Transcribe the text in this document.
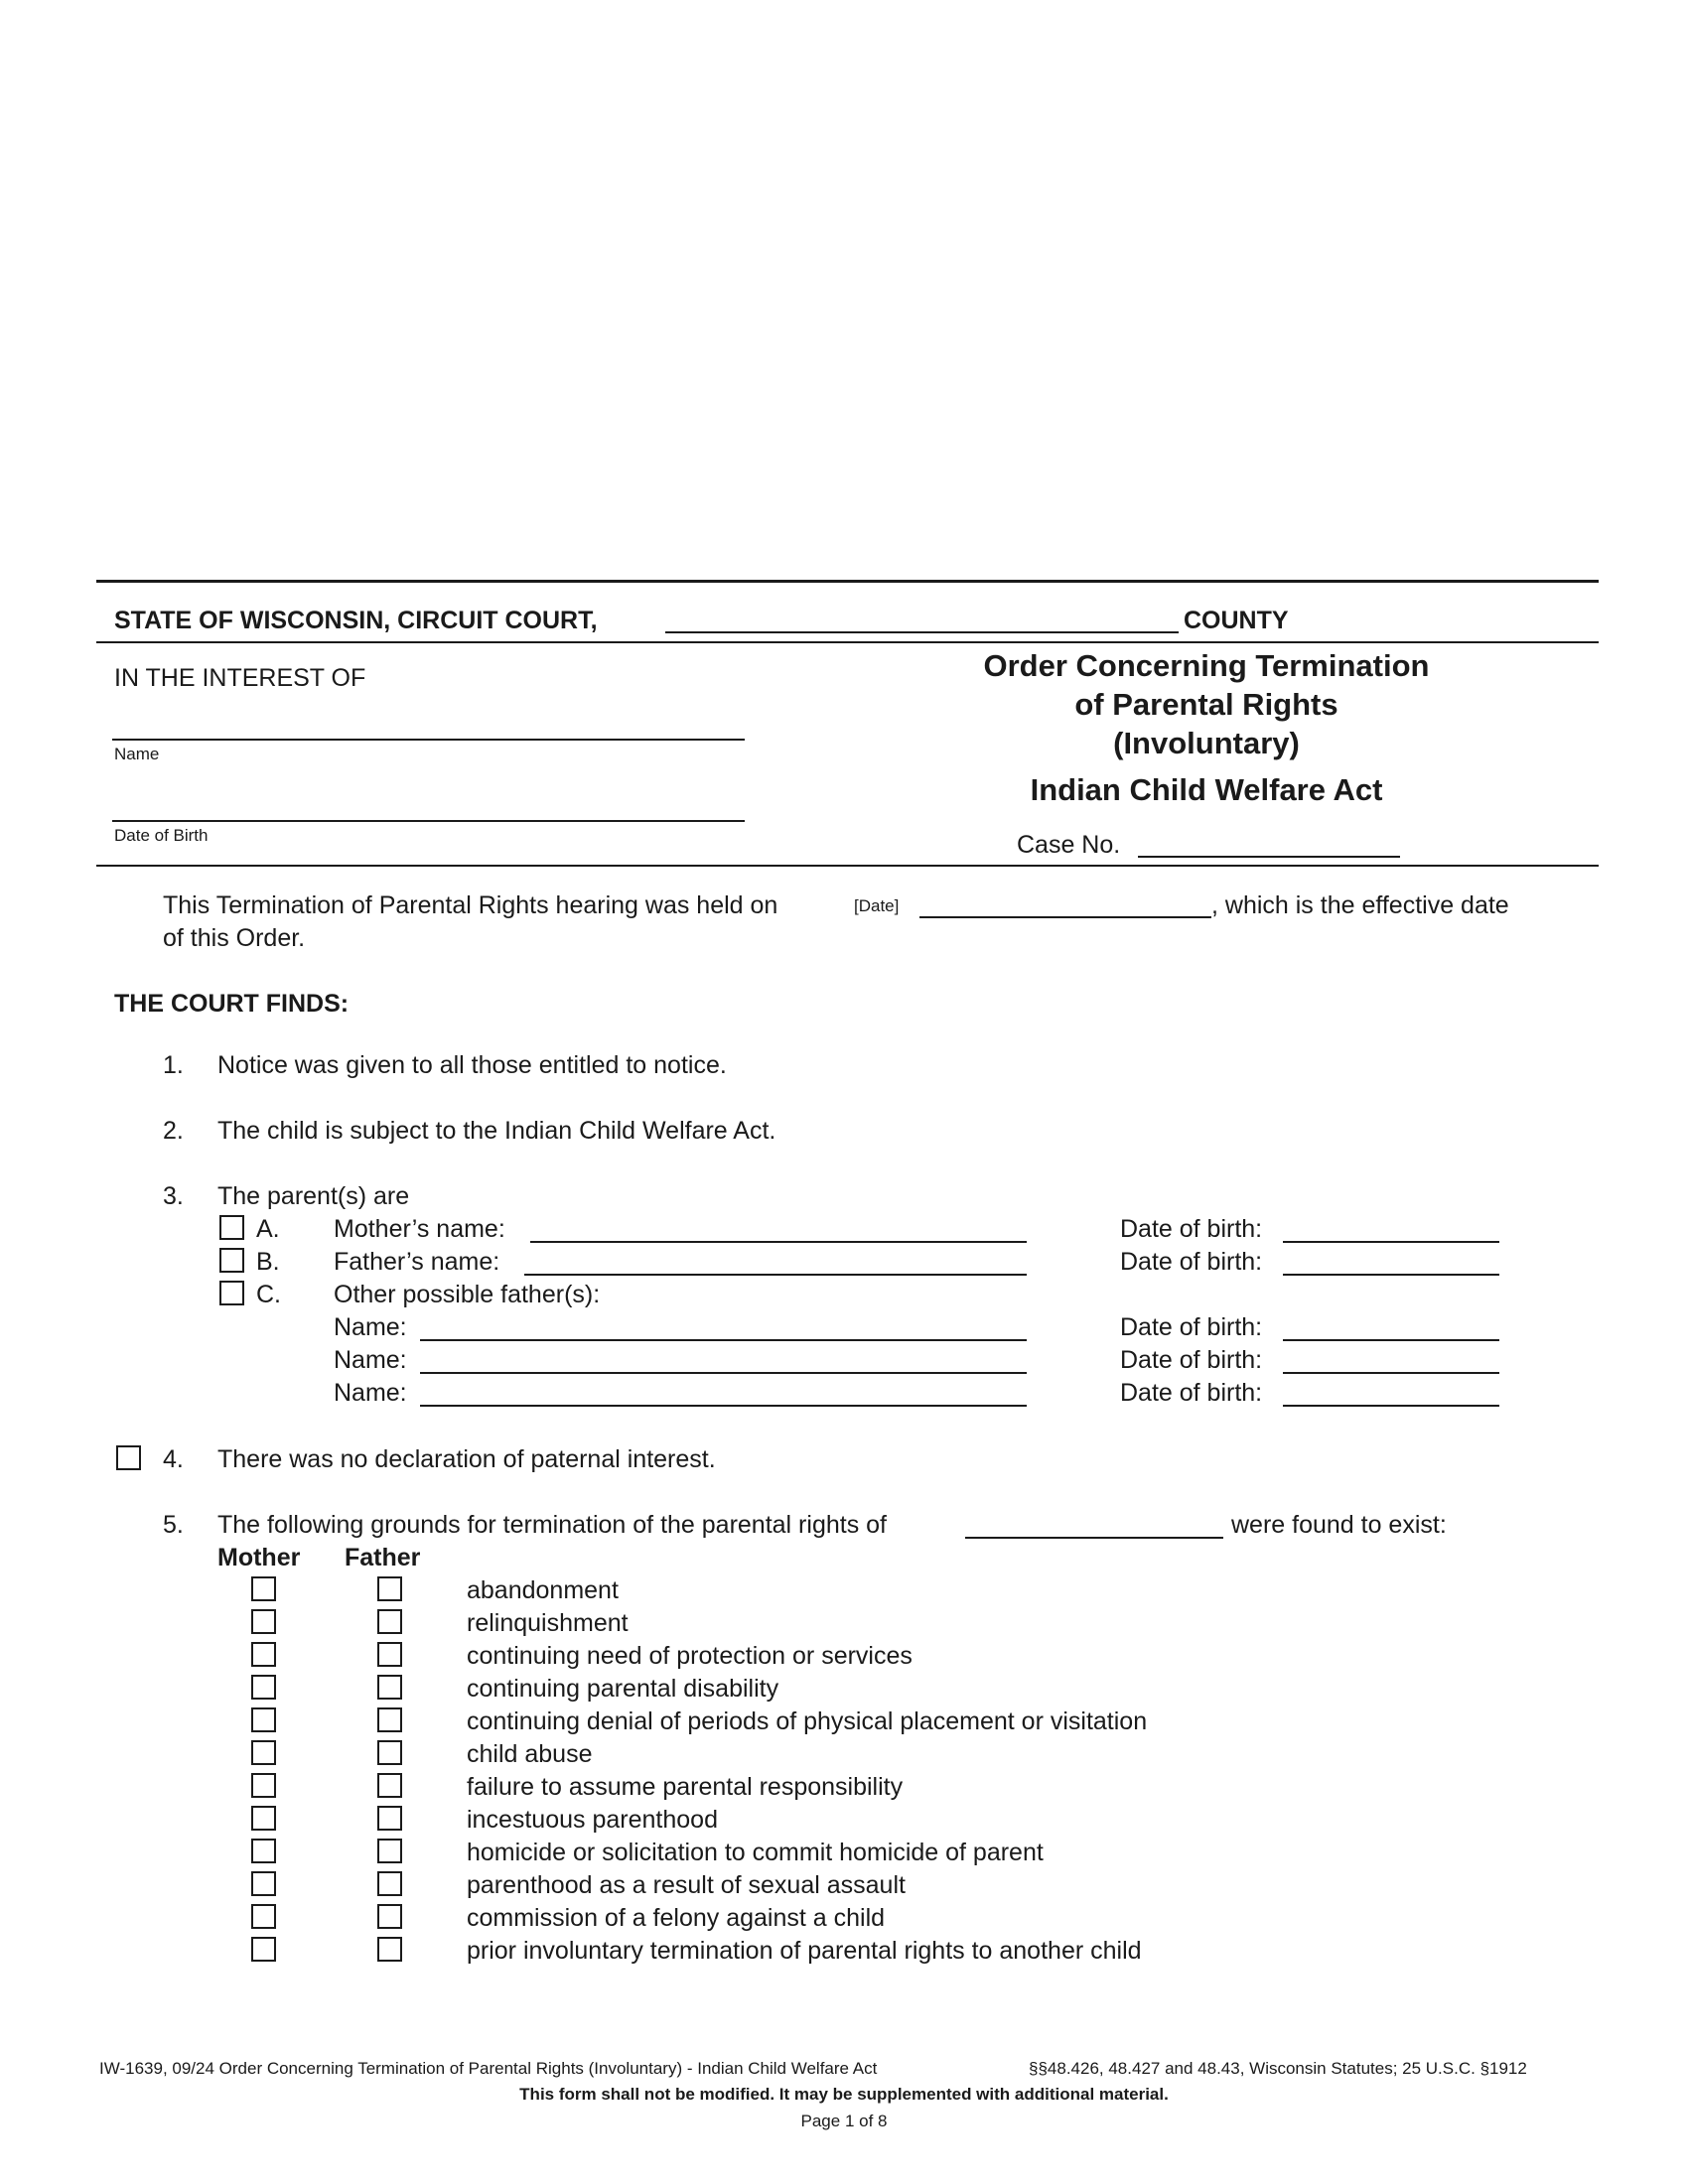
STATE OF WISCONSIN, CIRCUIT COURT,	COUNTY
IN THE INTEREST OF
Name
Date of Birth
Order Concerning Termination
of Parental Rights
(Involuntary)
Indian Child Welfare Act
Case No.
This Termination of Parental Rights hearing was held on	[Date]	, which is the effective date
of this Order.
THE COURT FINDS:
1. Notice was given to all those entitled to notice.
2. The child is subject to the Indian Child Welfare Act.
3. The parent(s) are
A. Mother’s name:	Date of birth:
B. Father’s name:	Date of birth:
C. Other possible father(s):
Name:	Date of birth:
Name:	Date of birth:
Name:	Date of birth:
4. There was no declaration of paternal interest.
5. The following grounds for termination of the parental rights of	were found to exist:
Mother Father
abandonment
relinquishment
continuing need of protection or services
continuing parental disability
continuing denial of periods of physical placement or visitation
child abuse
failure to assume parental responsibility
incestuous parenthood
homicide or solicitation to commit homicide of parent
parenthood as a result of sexual assault
commission of a felony against a child
prior involuntary termination of parental rights to another child
IW-1639, 09/24 Order Concerning Termination of Parental Rights (Involuntary) - Indian Child Welfare Act	§§48.426, 48.427 and 48.43, Wisconsin Statutes; 25 U.S.C. §1912
This form shall not be modified. It may be supplemented with additional material.
Page 1 of 8
